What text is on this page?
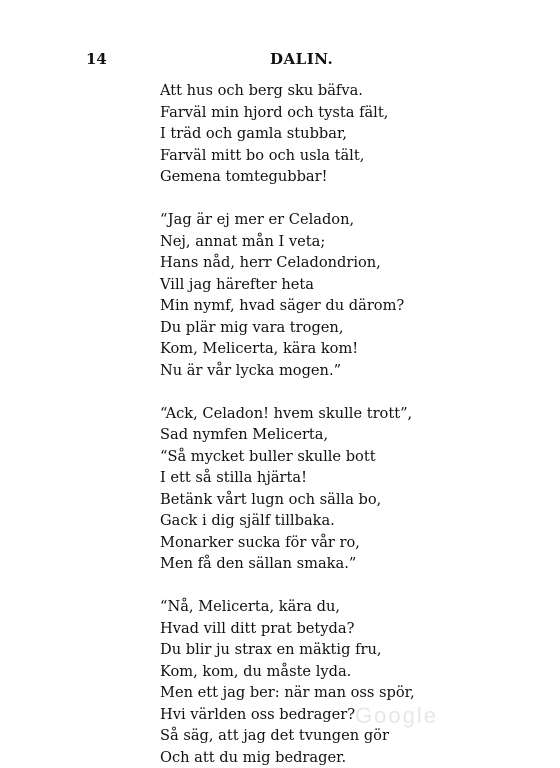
14	DALIN.
Att hus och berg sku bäfva.
Farväl min hjord och tysta fält,
I träd och gamla stubbar,
Farväl mitt bo och usla tält,
Gemena tomtegubbar!
“Jag är ej mer er Celadon,
Nej, annat mån I veta;
Hans nåd, herr Celadondrion,
Vill jag härefter heta
Min nymf, hvad säger du därom?
Du plär mig vara trogen,
Kom, Melicerta, kära kom!
Nu är vår lycka mogen.”
“Ack, Celadon! hvem skulle trott”,
Sad nymfen Melicerta,
“Så mycket buller skulle bott
I ett så stilla hjärta!
Betänk vårt lugn och sälla bo,
Gack i dig själf tillbaka.
Monarker sucka för vår ro,
Men få den sällan smaka.”
“Nå, Melicerta, kära du,
Hvad vill ditt prat betyda?
Du blir ju strax en mäktig fru,
Kom, kom, du måste lyda.
Men ett jag ber: när man oss spör,
Hvi världen oss bedrager?
Så säg, att jag det tvungen gör
Och att du mig bedrager.
Google
